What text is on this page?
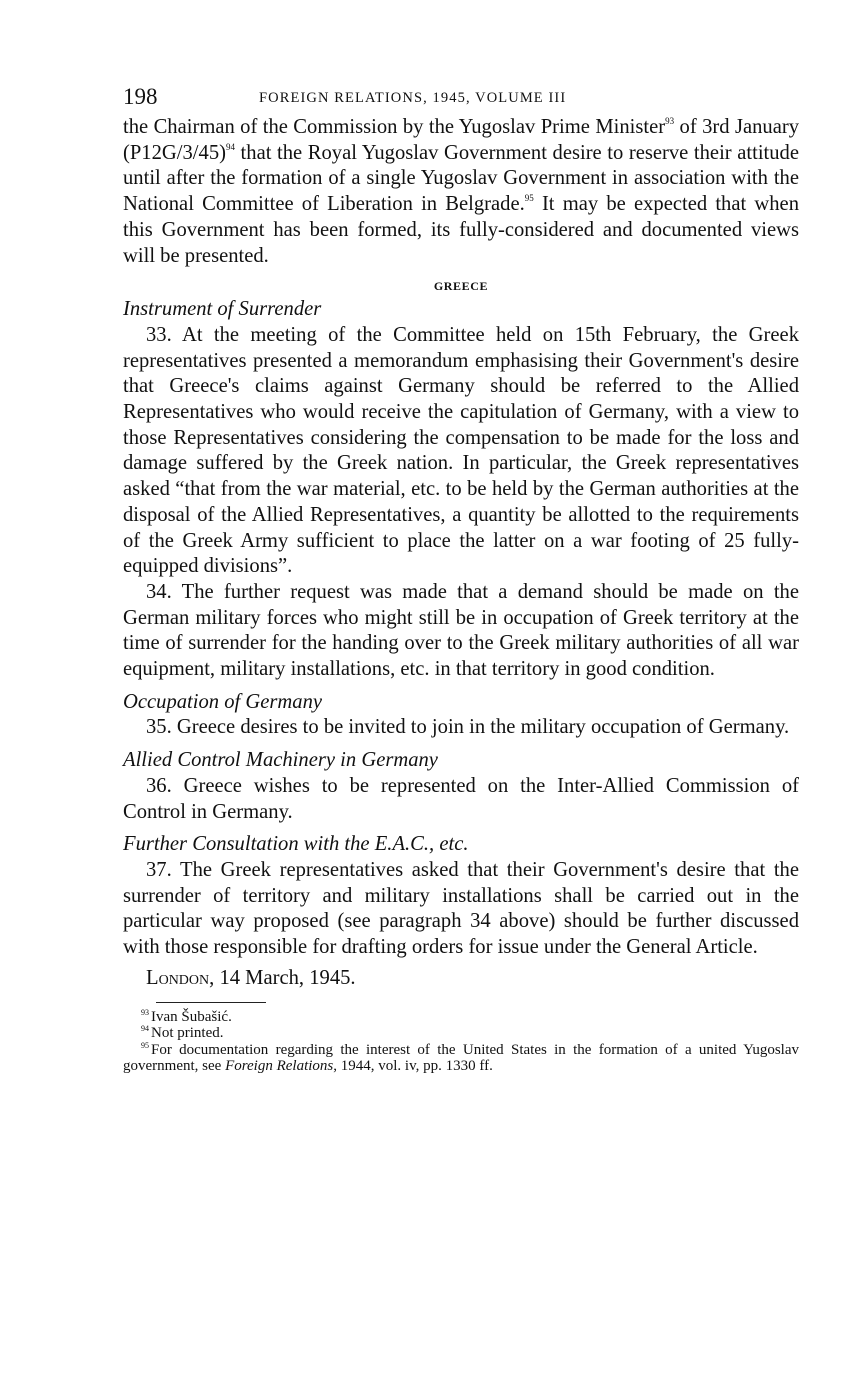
198	FOREIGN RELATIONS, 1945, VOLUME III

the Chairman of the Commission by the Yugoslav Prime Minister$^{93}$ of 3rd January $(P12G/3/45)^{94}$ that the Royal Yugoslav Government desire to reserve their attitude until after the formation of a single Yugoslav Government in association with the National Committee of Liberation in Belgrade.$^{95}$ It may be expected that when this Government has been formed, its fully-considered and documented views will be presented.

GREECE

Instrument of Surrender

33. At the meeting of the Committee held on 15th February, the Greek representatives presented a memorandum emphasising their Government's desire that Greece's claims against Germany should be referred to the Allied Representatives who would receive the capitulation of Germany, with a view to those Representatives considering the compensation to be made for the loss and damage suffered by the Greek nation. In particular, the Greek representatives asked “that from the war material, etc. to be held by the German authorities at the disposal of the Allied Representatives, a quantity be allotted to the requirements of the Greek Army sufficient to place the latter on a war footing of 25 fully-equipped divisions”.

34. The further request was made that a demand should be made on the German military forces who might still be in occupation of Greek territory at the time of surrender for the handing over to the Greek military authorities of all war equipment, military installations, etc. in that territory in good condition.

Occupation of Germany

35. Greece desires to be invited to join in the military occupation of Germany.

Allied Control Machinery in Germany

36. Greece wishes to be represented on the Inter-Allied Commission of Control in Germany.

Further Consultation with the E.A.C., etc.

37. The Greek representatives asked that their Government's desire that the surrender of territory and military installations shall be carried out in the particular way proposed (see paragraph 34 above) should be further discussed with those responsible for drafting orders for issue under the General Article.

London, 14 March, 1945.

$^{93}$ Ivan Šubašić.

$^{94}$ Not printed.

$^{95}$ For documentation regarding the interest of the United States in the formation of a united Yugoslav government, see Foreign Relations, 1944, vol. iv, pp. 1330 ff.
